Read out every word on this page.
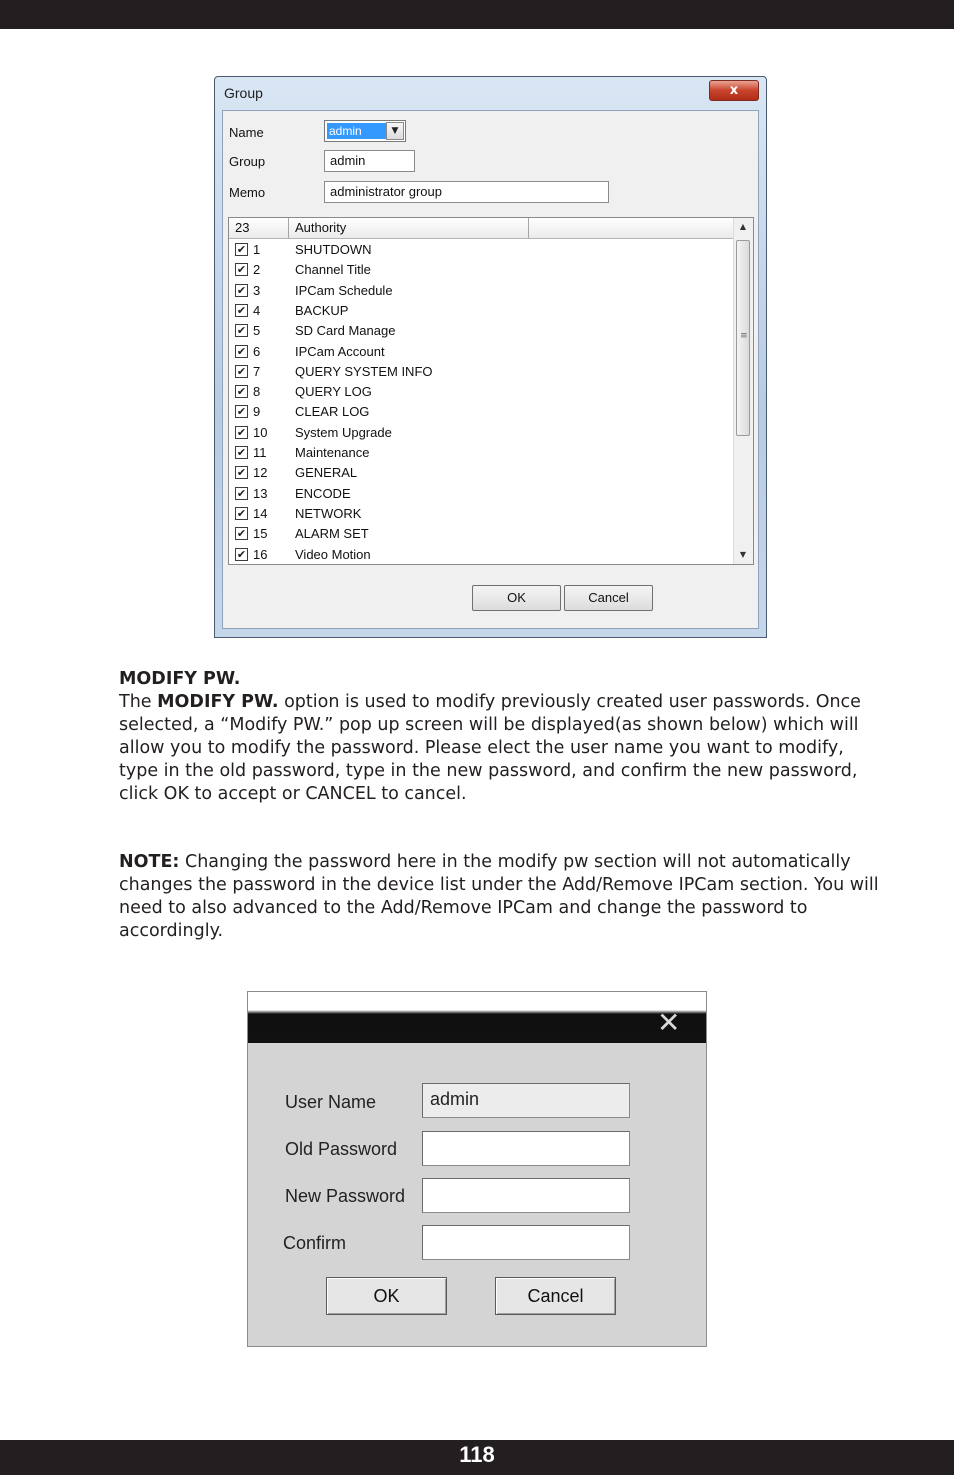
Group	x
Name	admin	▼
Group	admin
Memo	administrator group
23	Authority
✔ 1	SHUTDOWN
✔ 2	Channel Title
✔ 3	IPCam Schedule
✔ 4	BACKUP
✔ 5	SD Card Manage
✔ 6	IPCam Account
✔ 7	QUERY SYSTEM INFO
✔ 8	QUERY LOG
✔ 9	CLEAR LOG
✔ 10 System Upgrade
✔ 11 Maintenance
✔ 12 GENERAL
✔ 13 ENCODE
✔ 14 NETWORK
✔ 15 ALARM SET
✔ 16 Video Motion
▲
≡
▼
OK	Cancel
MODIFY PW.
The MODIFY PW. option is used to modify previously created user passwords. Once selected, a “Modify PW.” pop up screen will be displayed(as shown below) which will allow you to modify the password. Please elect the user name you want to modify, type in the old password, type in the new password, and confirm the new password, click OK to accept or CANCEL to cancel.
NOTE: Changing the password here in the modify pw section will not automatically changes the password in the device list under the Add/Remove IPCam section. You will need to also advanced to the Add/Remove IPCam and change the password to accordingly.
✕
User Name	admin
Old Password
New Password
Confirm
OK	Cancel
118
